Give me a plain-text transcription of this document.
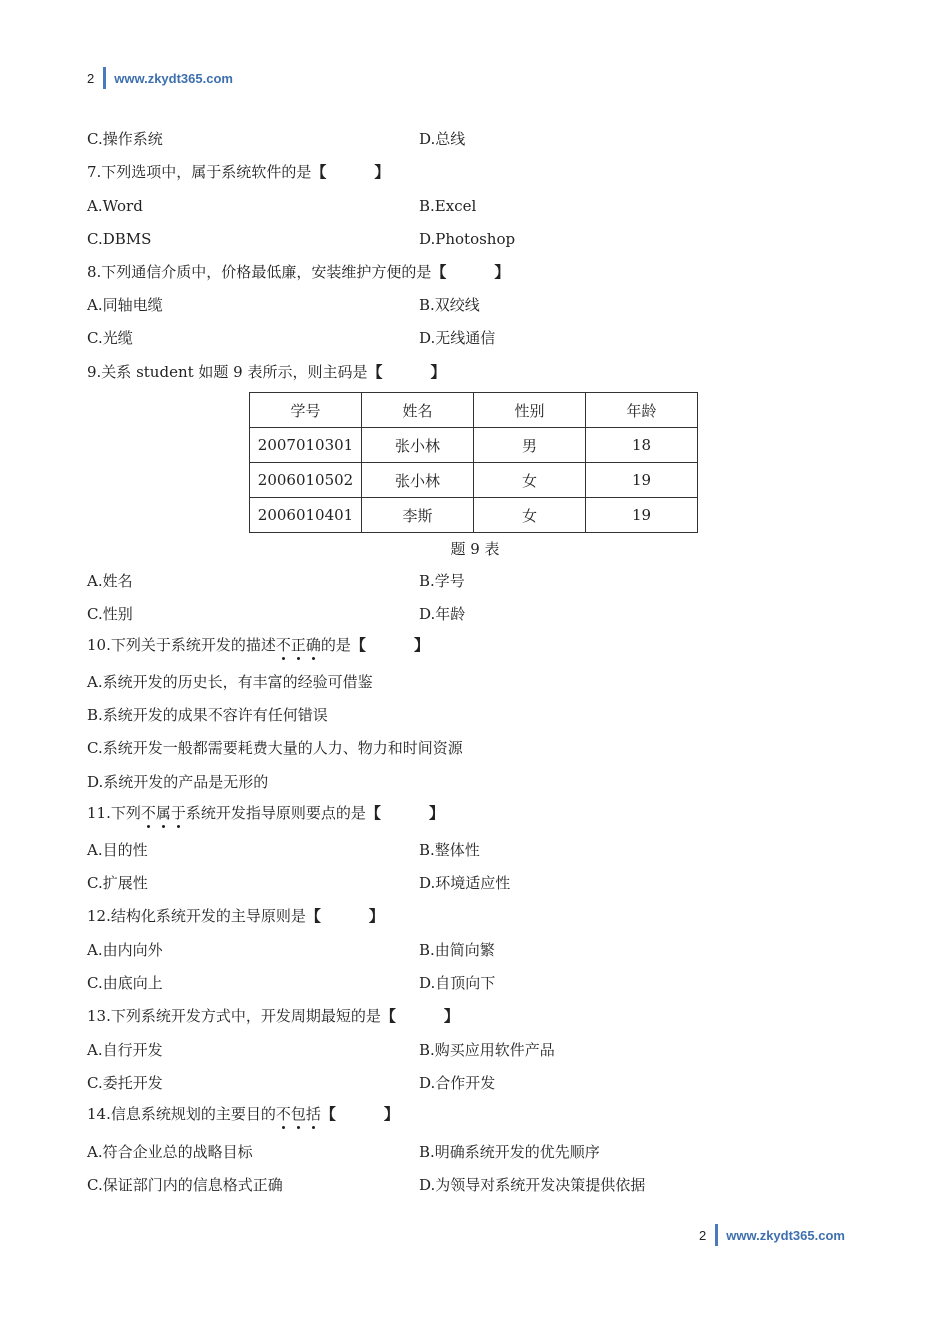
2 www.zkydt365.com
C.操作系统	D.总线
7.下列选项中，属于系统软件的是【	】
A.Word	B.Excel
C.DBMS	D.Photoshop
8.下列通信介质中，价格最低廉，安装维护方便的是【	】
A.同轴电缆	B.双绞线
C.光缆	D.无线通信
9.关系 student 如题 9 表所示，则主码是【	】
学号	姓名	性别	年龄
2007010301	张小林	男	18
2006010502	张小林	女	19
2006010401	李斯	女	19
题 9 表
A.姓名	B.学号
C.性别	D.年龄
10.下列关于系统开发的描述不正确的是【	】
A.系统开发的历史长，有丰富的经验可借鉴
B.系统开发的成果不容许有任何错误
C.系统开发一般都需要耗费大量的人力、物力和时间资源
D.系统开发的产品是无形的
11.下列不属于系统开发指导原则要点的是【	】
A.目的性	B.整体性
C.扩展性	D.环境适应性
12.结构化系统开发的主导原则是【	】
A.由内向外	B.由简向繁
C.由底向上	D.自顶向下
13.下列系统开发方式中，开发周期最短的是【	】
A.自行开发	B.购买应用软件产品
C.委托开发	D.合作开发
14.信息系统规划的主要目的不包括【	】
A.符合企业总的战略目标	B.明确系统开发的优先顺序
C.保证部门内的信息格式正确	D.为领导对系统开发决策提供依据
2 www.zkydt365.com
